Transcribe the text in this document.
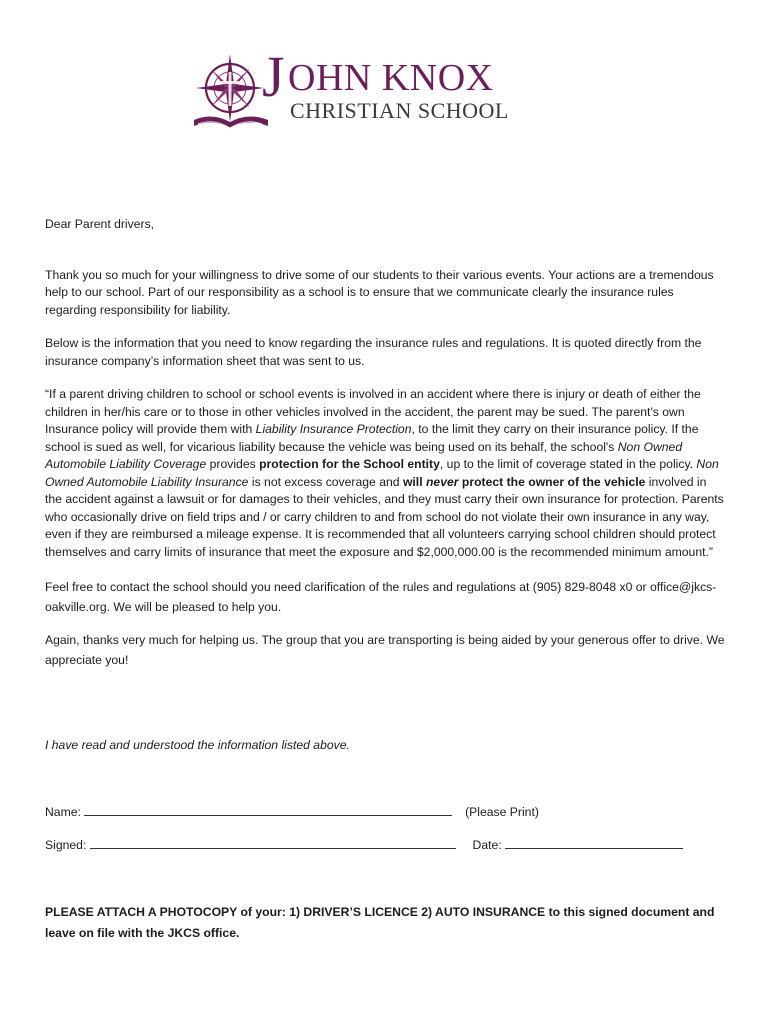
J OHN KNOX
CHRISTIAN SCHOOL

Dear Parent drivers,

Thank you so much for your willingness to drive some of our students to their various events. Your actions are a tremendous help to our school. Part of our responsibility as a school is to ensure that we communicate clearly the insurance rules regarding responsibility for liability.

Below is the information that you need to know regarding the insurance rules and regulations. It is quoted directly from the insurance company’s information sheet that was sent to us.

“If a parent driving children to school or school events is involved in an accident where there is injury or death of either the children in her/his care or to those in other vehicles involved in the accident, the parent may be sued. The parent's own Insurance policy will provide them with Liability Insurance Protection, to the limit they carry on their insurance policy. If the school is sued as well, for vicarious liability because the vehicle was being used on its behalf, the school's Non Owned Automobile Liability Coverage provides protection for the School entity, up to the limit of coverage stated in the policy. Non Owned Automobile Liability Insurance is not excess coverage and will never protect the owner of the vehicle involved in the accident against a lawsuit or for damages to their vehicles, and they must carry their own insurance for protection. Parents who occasionally drive on field trips and / or carry children to and from school do not violate their own insurance in any way, even if they are reimbursed a mileage expense. It is recommended that all volunteers carrying school children should protect themselves and carry limits of insurance that meet the exposure and $2,000,000.00 is the recommended minimum amount.”

Feel free to contact the school should you need clarification of the rules and regulations at (905) 829-8048 x0 or office@jkcs-oakville.org. We will be pleased to help you.

Again, thanks very much for helping us. The group that you are transporting is being aided by your generous offer to drive. We appreciate you!

I have read and understood the information listed above.
Name:	(Please Print)
Signed:	Date:
PLEASE ATTACH A PHOTOCOPY of your: 1) DRIVER’S LICENCE 2) AUTO INSURANCE to this signed document and leave on file with the JKCS office.
